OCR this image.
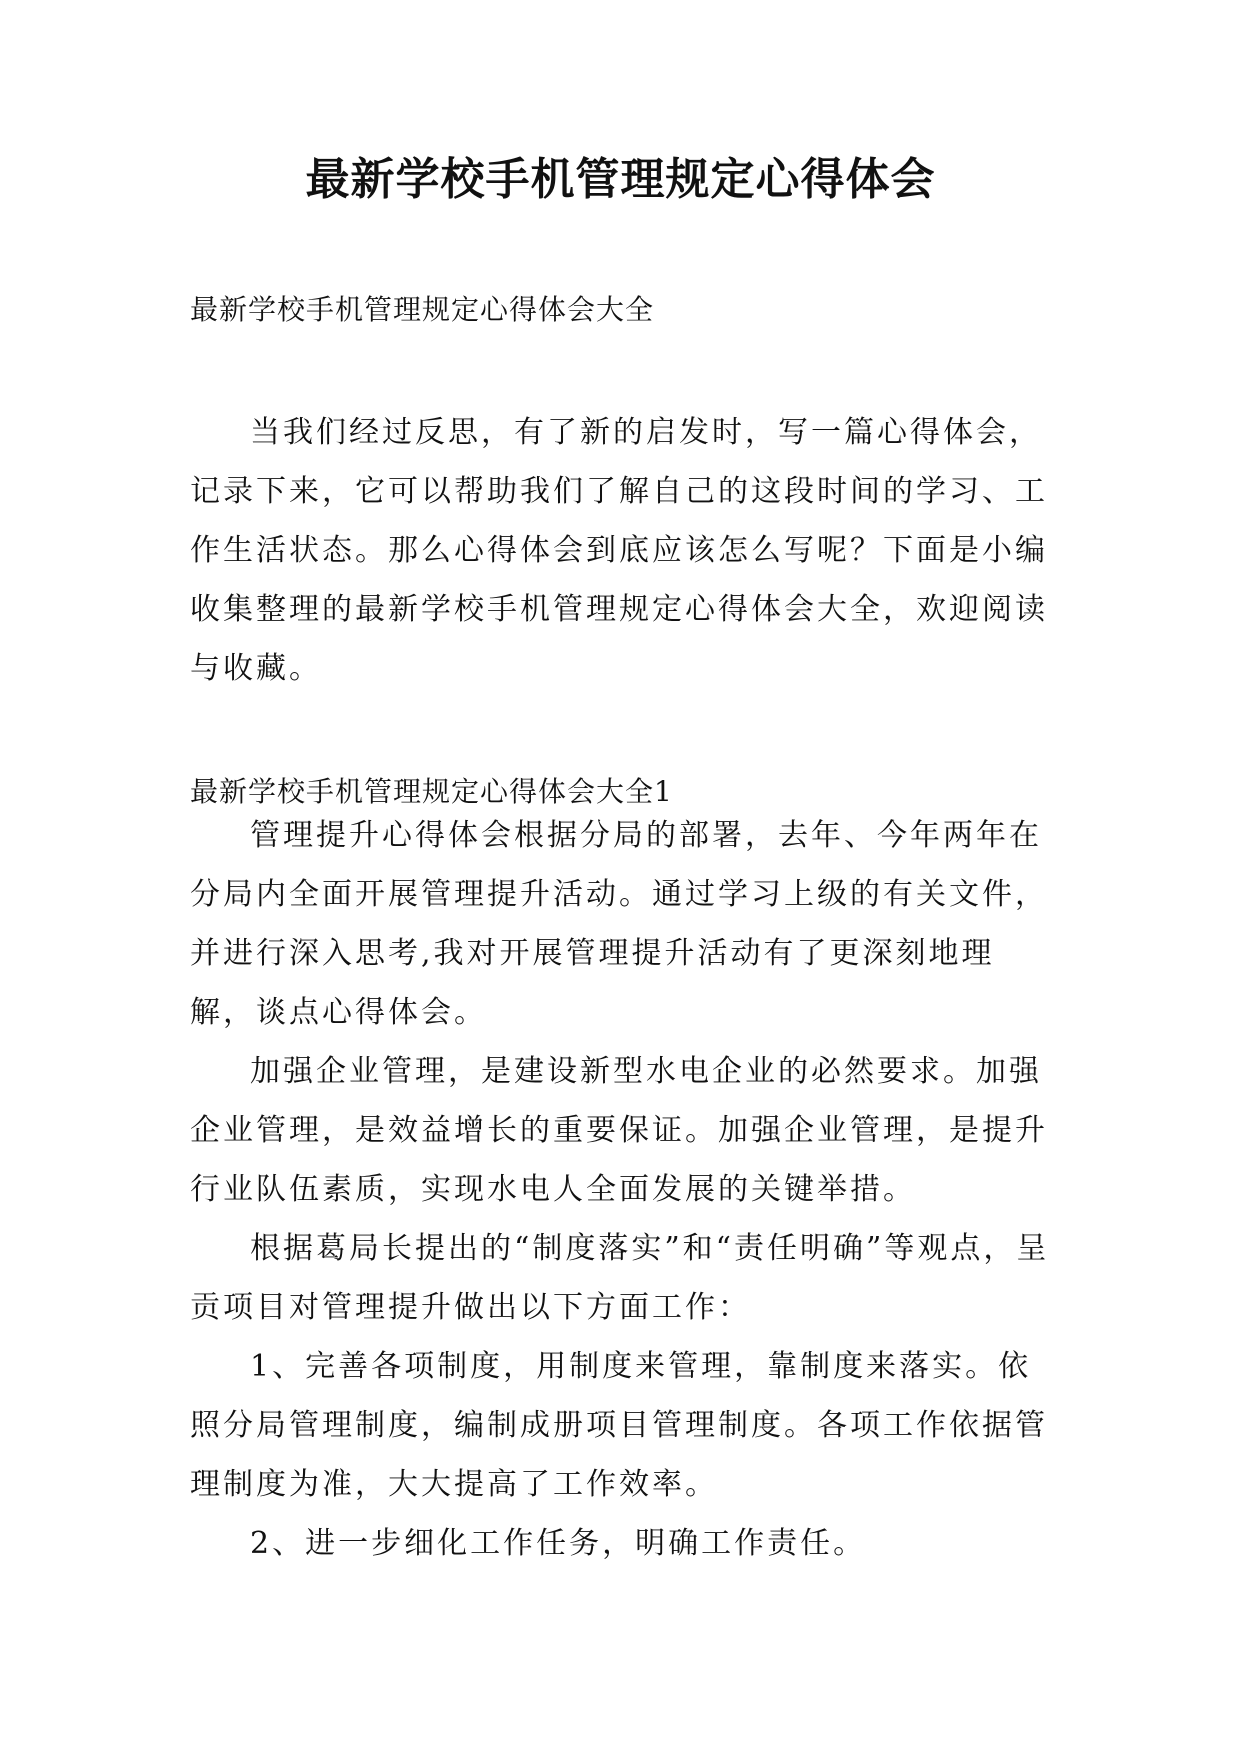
最新学校手机管理规定心得体会
最新学校手机管理规定心得体会大全

当我们经过反思，有了新的启发时，写一篇心得体会，记录下来，它可以帮助我们了解自己的这段时间的学习、工作生活状态。那么心得体会到底应该怎么写呢？下面是小编收集整理的最新学校手机管理规定心得体会大全，欢迎阅读与收藏。

最新学校手机管理规定心得体会大全1

管理提升心得体会根据分局的部署，去年、今年两年在分局内全面开展管理提升活动。通过学习上级的有关文件，并进行深入思考,我对开展管理提升活动有了更深刻地理解，谈点心得体会。

加强企业管理，是建设新型水电企业的必然要求。加强企业管理，是效益增长的重要保证。加强企业管理，是提升行业队伍素质，实现水电人全面发展的关键举措。

根据葛局长提出的“制度落实”和“责任明确”等观点，呈贡项目对管理提升做出以下方面工作：

1、完善各项制度，用制度来管理，靠制度来落实。依照分局管理制度，编制成册项目管理制度。各项工作依据管理制度为准，大大提高了工作效率。

2、进一步细化工作任务，明确工作责任。
